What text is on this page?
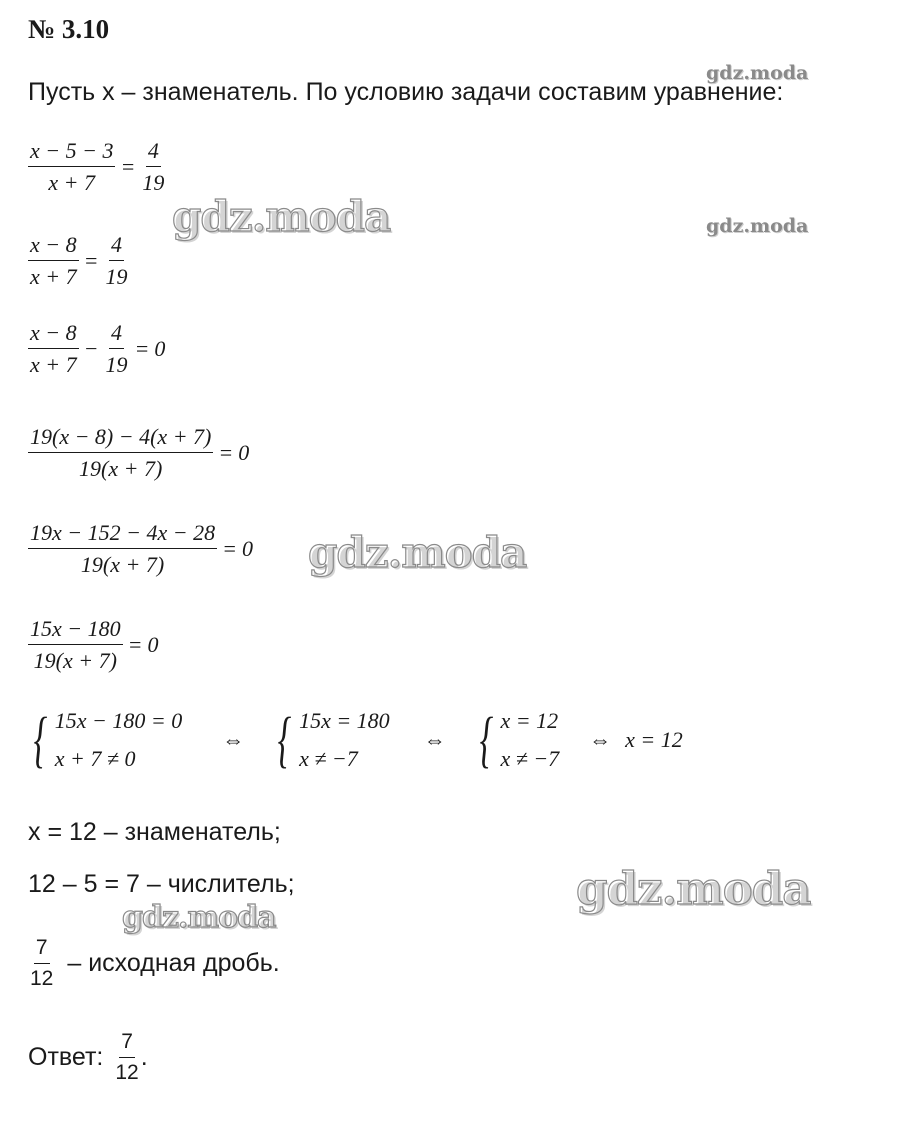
№ 3.10
Пусть x – знаменатель. По условию задачи составим уравнение:
$\frac{x - 5 - 3}{x + 7} = \frac{4}{19}$
$\frac{x - 8}{x + 7} = \frac{4}{19}$
$\frac{x - 8}{x + 7} - \frac{4}{19} = 0$
$\frac{19(x - 8) - 4(x + 7)}{19(x + 7)} = 0$
$\frac{19x - 152 - 4x - 28}{19(x + 7)} = 0$
$\frac{15x - 180}{19(x + 7)} = 0$
{ 15x − 180 = 0
x + 7 ≠ 0
⇔ { 15x = 180
x ≠ −7
⇔ { x = 12
x ≠ −7
⇔ x = 12
x = 12 – знаменатель;
12 – 5 = 7 – числитель;
$\frac{7}{12}$ – исходная дробь.
Ответ: $\frac{7}{12}$ .
gdz.moda
gdz.moda	gdz.moda
gdz.moda
gdz.moda
gdz.moda
